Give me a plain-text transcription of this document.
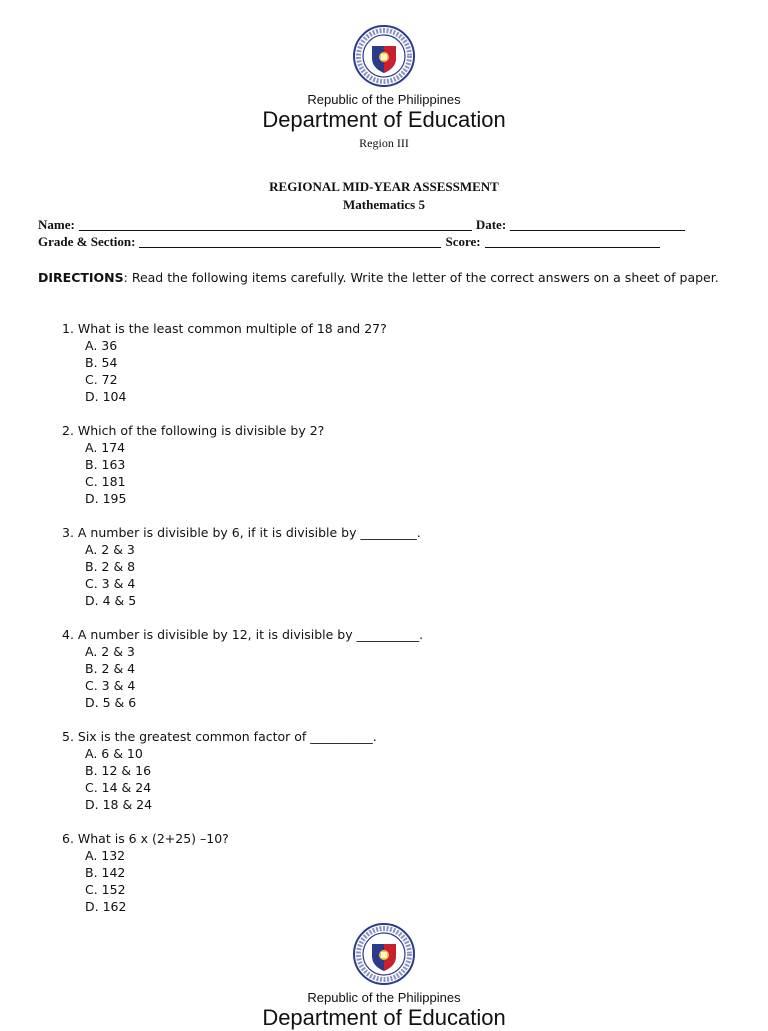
Republic of the Philippines
Department of Education
Region III
REGIONAL MID-YEAR ASSESSMENT
Mathematics 5
Name:	Date:
Grade & Section:	Score:
DIRECTIONS: Read the following items carefully. Write the letter of the correct answers on a sheet of paper.
1. What is the least common multiple of 18 and 27?
A. 36
B. 54
C. 72
D. 104
2. Which of the following is divisible by 2?
A. 174
B. 163
C. 181
D. 195
3. A number is divisible by 6, if it is divisible by _________.
A. 2 & 3
B. 2 & 8
C. 3 & 4
D. 4 & 5
4. A number is divisible by 12, it is divisible by __________.
A. 2 & 3
B. 2 & 4
C. 3 & 4
D. 5 & 6
5. Six is the greatest common factor of __________.
A. 6 & 10
B. 12 & 16
C. 14 & 24
D. 18 & 24
6. What is 6 x (2+25) –10?
A. 132
B. 142
C. 152
D. 162
Republic of the Philippines
Department of Education
